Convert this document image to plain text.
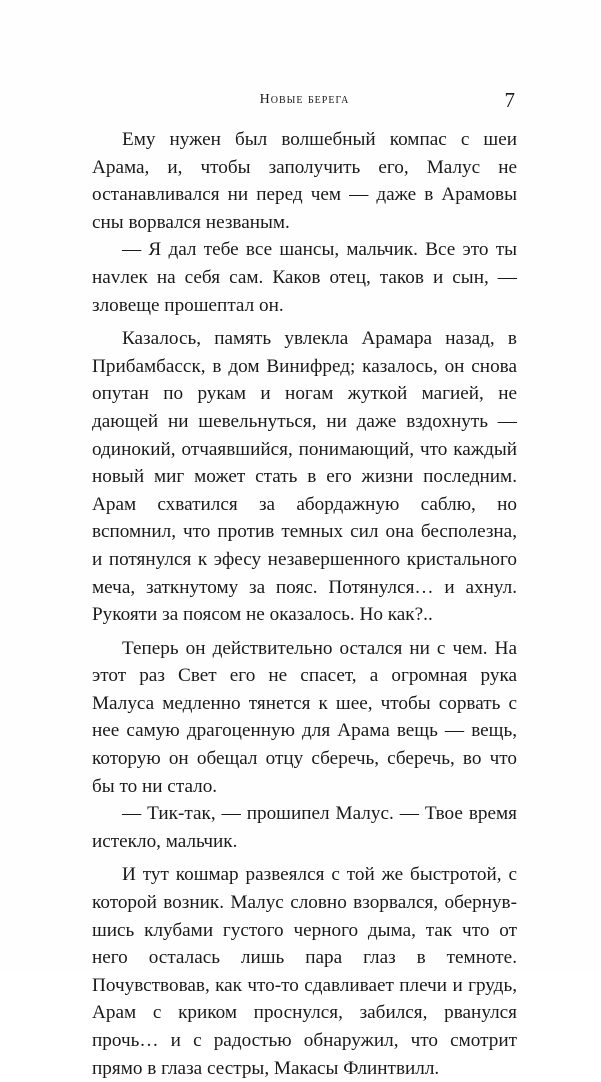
Новые берега	7

Ему нужен был волшебный компас с шеи Арама, и, чтобы заполучить его, Малус не останавливался ни перед чем — даже в Арамовы сны ворвался незваным.

— Я дал тебе все шансы, мальчик. Все это ты наvлек на себя сам. Каков отец, таков и сын, — зловеще прошептал он.

Казалось, память увлекла Арамара назад, в Прибамбасск, в дом Винифред; казалось, он снова опутан по рукам и ногам жуткой магией, не дающей ни шевельнуться, ни даже вздохнуть — одинокий, отчаявшийся, понимающий, что каждый новый миг может стать в его жизни последним. Арам схватился за абордажную саблю, но вспомнил, что против темных сил она бесполезна, и потянулся к эфесу незавершенного кристального меча, заткнутому за пояс. Потянулся… и ахнул. Рукояти за поясом не оказалось. Но как?..

Теперь он действительно остался ни с чем. На этот раз Свет его не спасет, а огромная рука Малуса медленно тянется к шее, чтобы сорвать с нее самую драгоценную для Арама вещь — вещь, которую он обещал отцу сберечь, сберечь, во что бы то ни стало.

— Тик-так, — прошипел Малус. — Твое время истекло, мальчик.

И тут кошмар развеялся с той же быстротой, с которой возник. Малус словно взорвался, обернувшись клубами густого черного дыма, так что от него осталась лишь пара глаз в темноте. Почувствовав, как что-то сдавливает плечи и грудь, Арам с криком проснулся, забился, рванулся прочь… и с радостью обнаружил, что смотрит прямо в глаза сестры, Макасы Флинтвилл.
